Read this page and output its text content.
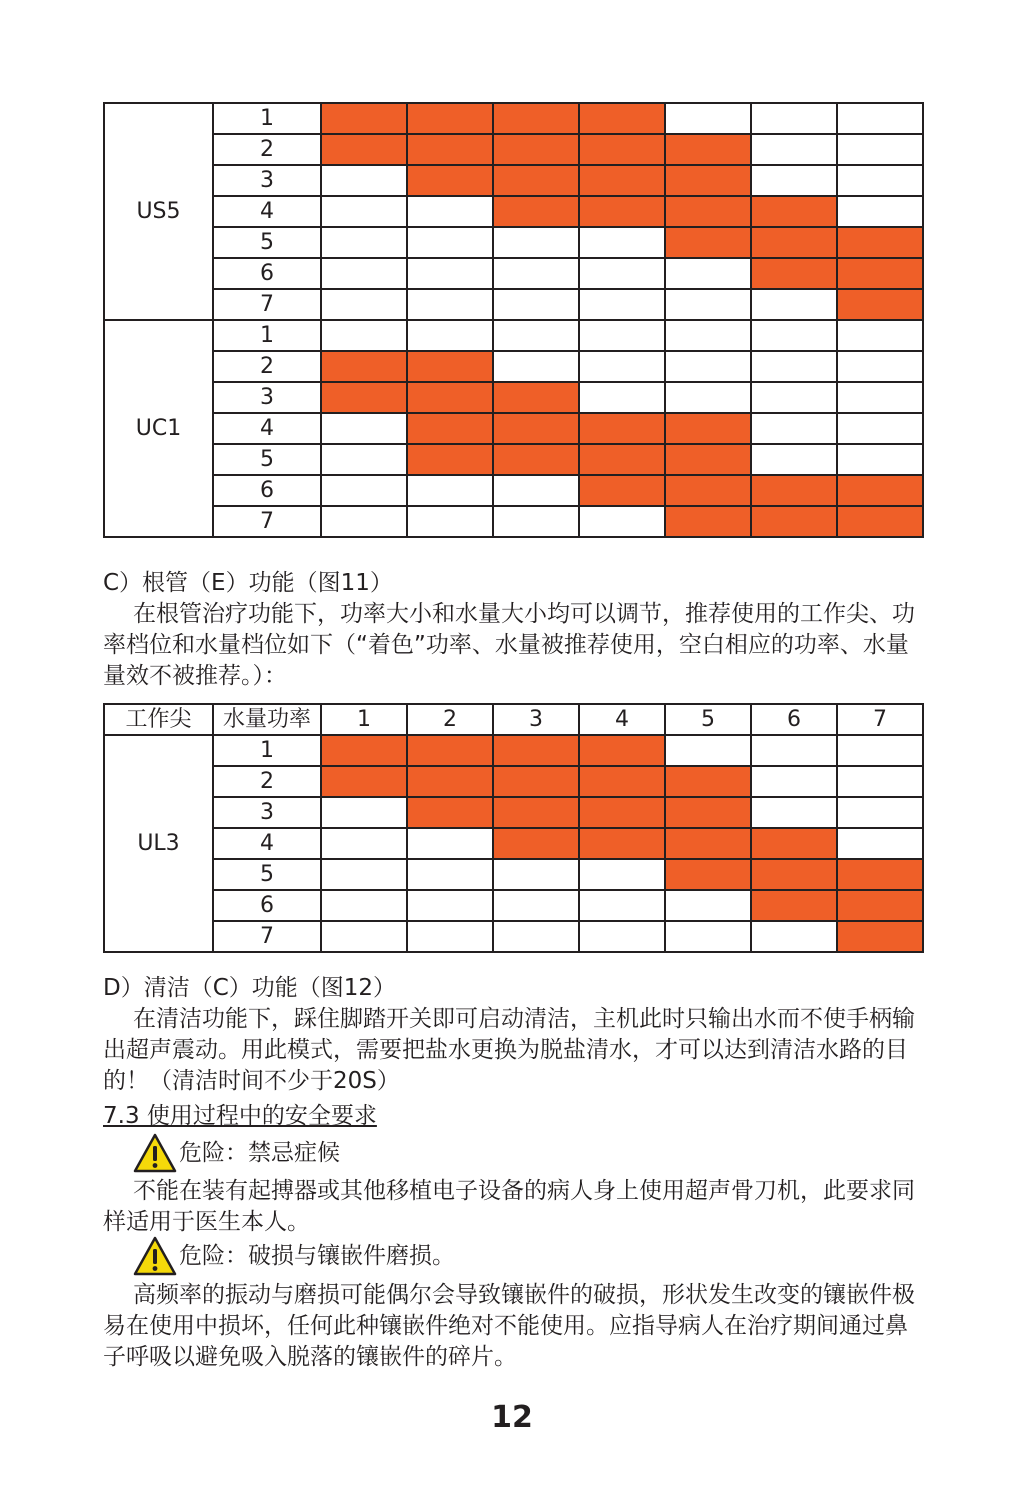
US5	1							
	2							
	3							
	4							
	5							
	6							
	7							
UC1	1							
	2							
	3							
	4							
	5							
	6							
	7							
C）根管（E）功能（图11）
在根管治疗功能下，功率大小和水量大小均可以调节，推荐使用的工作尖、功率档位和水量档位如下（“着色”功率、水量被推荐使用，空白相应的功率、水量量效不被推荐。）：
工作尖	水量功率	1	2	3	4	5	6	7
UL3	1							
	2							
	3							
	4							
	5							
	6							
	7							
D）清洁（C）功能（图12）
在清洁功能下，踩住脚踏开关即可启动清洁，主机此时只输出水而不使手柄输出超声震动。用此模式，需要把盐水更换为脱盐清水，才可以达到清洁水路的目的！（清洁时间不少于20S）
7.3 使用过程中的安全要求
危险：禁忌症候
不能在装有起搏器或其他移植电子设备的病人身上使用超声骨刀机，此要求同样适用于医生本人。
危险：破损与镶嵌件磨损。
高频率的振动与磨损可能偶尔会导致镶嵌件的破损，形状发生改变的镶嵌件极易在使用中损坏，任何此种镶嵌件绝对不能使用。应指导病人在治疗期间通过鼻子呼吸以避免吸入脱落的镶嵌件的碎片。
12
